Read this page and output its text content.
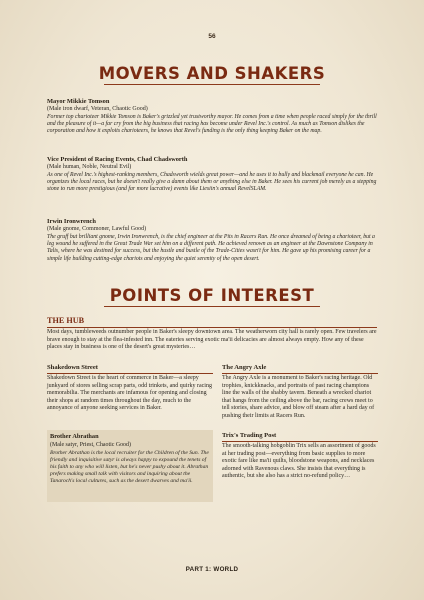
56
MOVERS AND SHAKERS
Mayor Mikkie Tomson
(Male iron dwarf, Veteran, Chaotic Good)
Former top charioteer Mikkie Tomson is Baker's grizzled yet trustworthy mayor. He comes from a time when people raced simply for the thrill and the pleasure of it—a far cry from the big business that racing has become under Revel Inc.'s control. As much as Tomson dislikes the corporation and how it exploits charioteers, he knows that Revel's funding is the only thing keeping Baker on the map.
Vice President of Racing Events, Chad Chadsworth
(Male human, Noble, Neutral Evil)
As one of Revel Inc.'s highest-ranking members, Chadsworth wields great power—and he uses it to bully and blackmail everyone he can. He organizes the local races, but he doesn't really give a damn about them or anything else in Baker. He sees his current job merely as a stepping stone to run more prestigious (and far more lucrative) events like Liesiin's annual RevelSLAM.
Irwin Ironwrench
(Male gnome, Commoner, Lawful Good)
The gruff but brilliant gnome, Irwin Ironwrench, is the chief engineer at the Pits in Racers Run. He once dreamed of being a charioteer, but a leg wound he suffered in the Great Trade War set him on a different path. He achieved renown as an engineer at the Dawnstone Company in Talis, where he was destined for success, but the hustle and bustle of the Trade-Cities wasn't for him. He gave up his promising career for a simple life building cutting-edge chariots and enjoying the quiet serenity of the open desert.
POINTS OF INTEREST
THE HUB
Most days, tumbleweeds outnumber people in Baker's sleepy downtown area. The weatherworn city hall is rarely open. Few travelers are brave enough to stay at the flea-infested inn. The eateries serving exotic ma'ii delicacies are almost always empty. How any of these places stay in business is one of the desert's great mysteries…
Shakedown Street
Shakedown Street is the heart of commerce in Baker—a sleepy junkyard of stores selling scrap parts, odd trinkets, and quirky racing memorabilia. The merchants are infamous for opening and closing their shops at random times throughout the day, much to the annoyance of anyone seeking services in Baker.
Brother Abrathan
(Male satyr, Priest, Chaotic Good)
Brother Abrathan is the local recruiter for the Children of the Sun. The friendly and inquisitive satyr is always happy to expound the tenets of his faith to any who will listen, but he's never pushy about it. Abrathan prefers making small talk with visitors and inquiring about the Tanaroch's local cultures, such as the desert dwarves and ma'ii.
The Angry Axle
The Angry Axle is a monument to Baker's racing heritage. Old trophies, knickknacks, and portraits of past racing champions line the walls of the shabby tavern. Beneath a wrecked chariot that hangs from the ceiling above the bar, racing crews meet to tell stories, share advice, and blow off steam after a hard day of pushing their limits at Racers Run.
Trix's Trading Post
The smooth-talking hobgoblin Trix sells an assortment of goods at her trading post—everything from basic supplies to more exotic fare like ma'ii quilts, bloodstone weapons, and necklaces adorned with Ravenous claws. She insists that everything is authentic, but she also has a strict no-refund policy…
PART 1: WORLD
